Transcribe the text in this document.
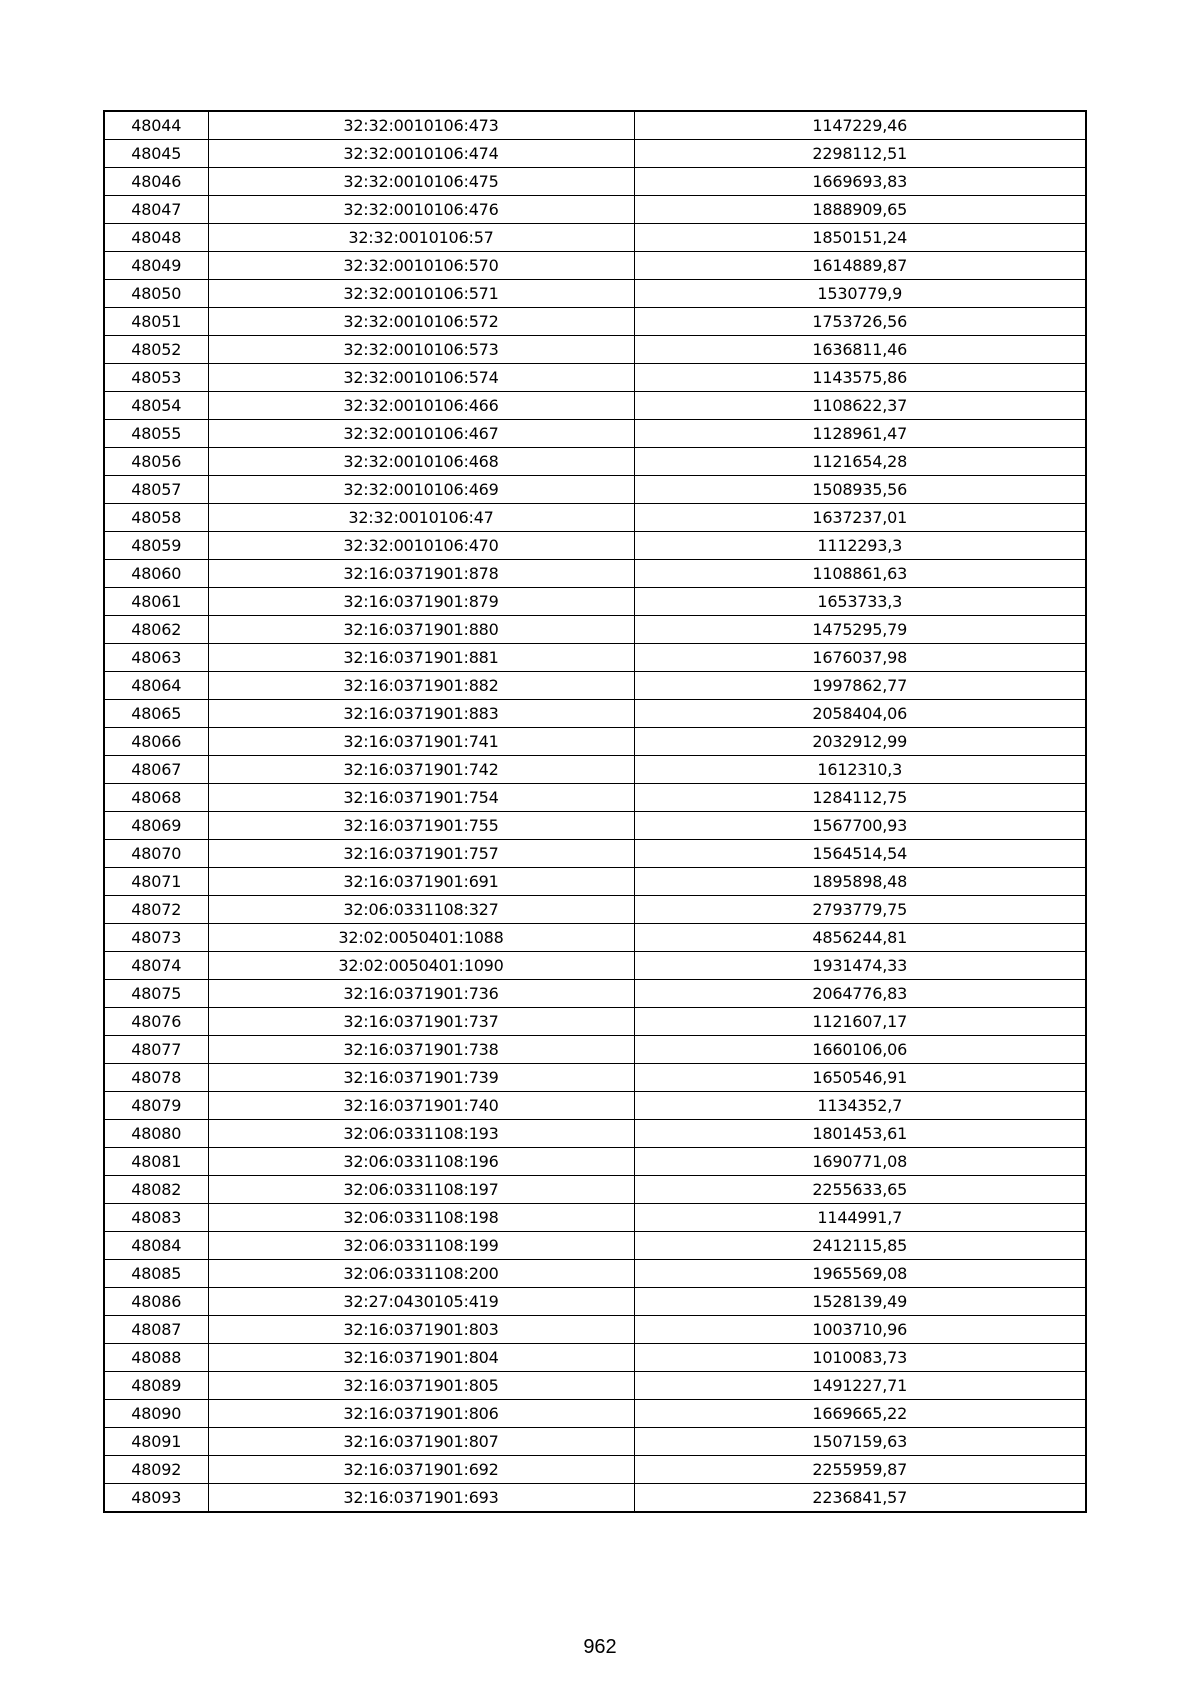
48044	32:32:0010106:473	1147229,46
48045	32:32:0010106:474	2298112,51
48046	32:32:0010106:475	1669693,83
48047	32:32:0010106:476	1888909,65
48048	32:32:0010106:57	1850151,24
48049	32:32:0010106:570	1614889,87
48050	32:32:0010106:571	1530779,9
48051	32:32:0010106:572	1753726,56
48052	32:32:0010106:573	1636811,46
48053	32:32:0010106:574	1143575,86
48054	32:32:0010106:466	1108622,37
48055	32:32:0010106:467	1128961,47
48056	32:32:0010106:468	1121654,28
48057	32:32:0010106:469	1508935,56
48058	32:32:0010106:47	1637237,01
48059	32:32:0010106:470	1112293,3
48060	32:16:0371901:878	1108861,63
48061	32:16:0371901:879	1653733,3
48062	32:16:0371901:880	1475295,79
48063	32:16:0371901:881	1676037,98
48064	32:16:0371901:882	1997862,77
48065	32:16:0371901:883	2058404,06
48066	32:16:0371901:741	2032912,99
48067	32:16:0371901:742	1612310,3
48068	32:16:0371901:754	1284112,75
48069	32:16:0371901:755	1567700,93
48070	32:16:0371901:757	1564514,54
48071	32:16:0371901:691	1895898,48
48072	32:06:0331108:327	2793779,75
48073	32:02:0050401:1088	4856244,81
48074	32:02:0050401:1090	1931474,33
48075	32:16:0371901:736	2064776,83
48076	32:16:0371901:737	1121607,17
48077	32:16:0371901:738	1660106,06
48078	32:16:0371901:739	1650546,91
48079	32:16:0371901:740	1134352,7
48080	32:06:0331108:193	1801453,61
48081	32:06:0331108:196	1690771,08
48082	32:06:0331108:197	2255633,65
48083	32:06:0331108:198	1144991,7
48084	32:06:0331108:199	2412115,85
48085	32:06:0331108:200	1965569,08
48086	32:27:0430105:419	1528139,49
48087	32:16:0371901:803	1003710,96
48088	32:16:0371901:804	1010083,73
48089	32:16:0371901:805	1491227,71
48090	32:16:0371901:806	1669665,22
48091	32:16:0371901:807	1507159,63
48092	32:16:0371901:692	2255959,87
48093	32:16:0371901:693	2236841,57
962
